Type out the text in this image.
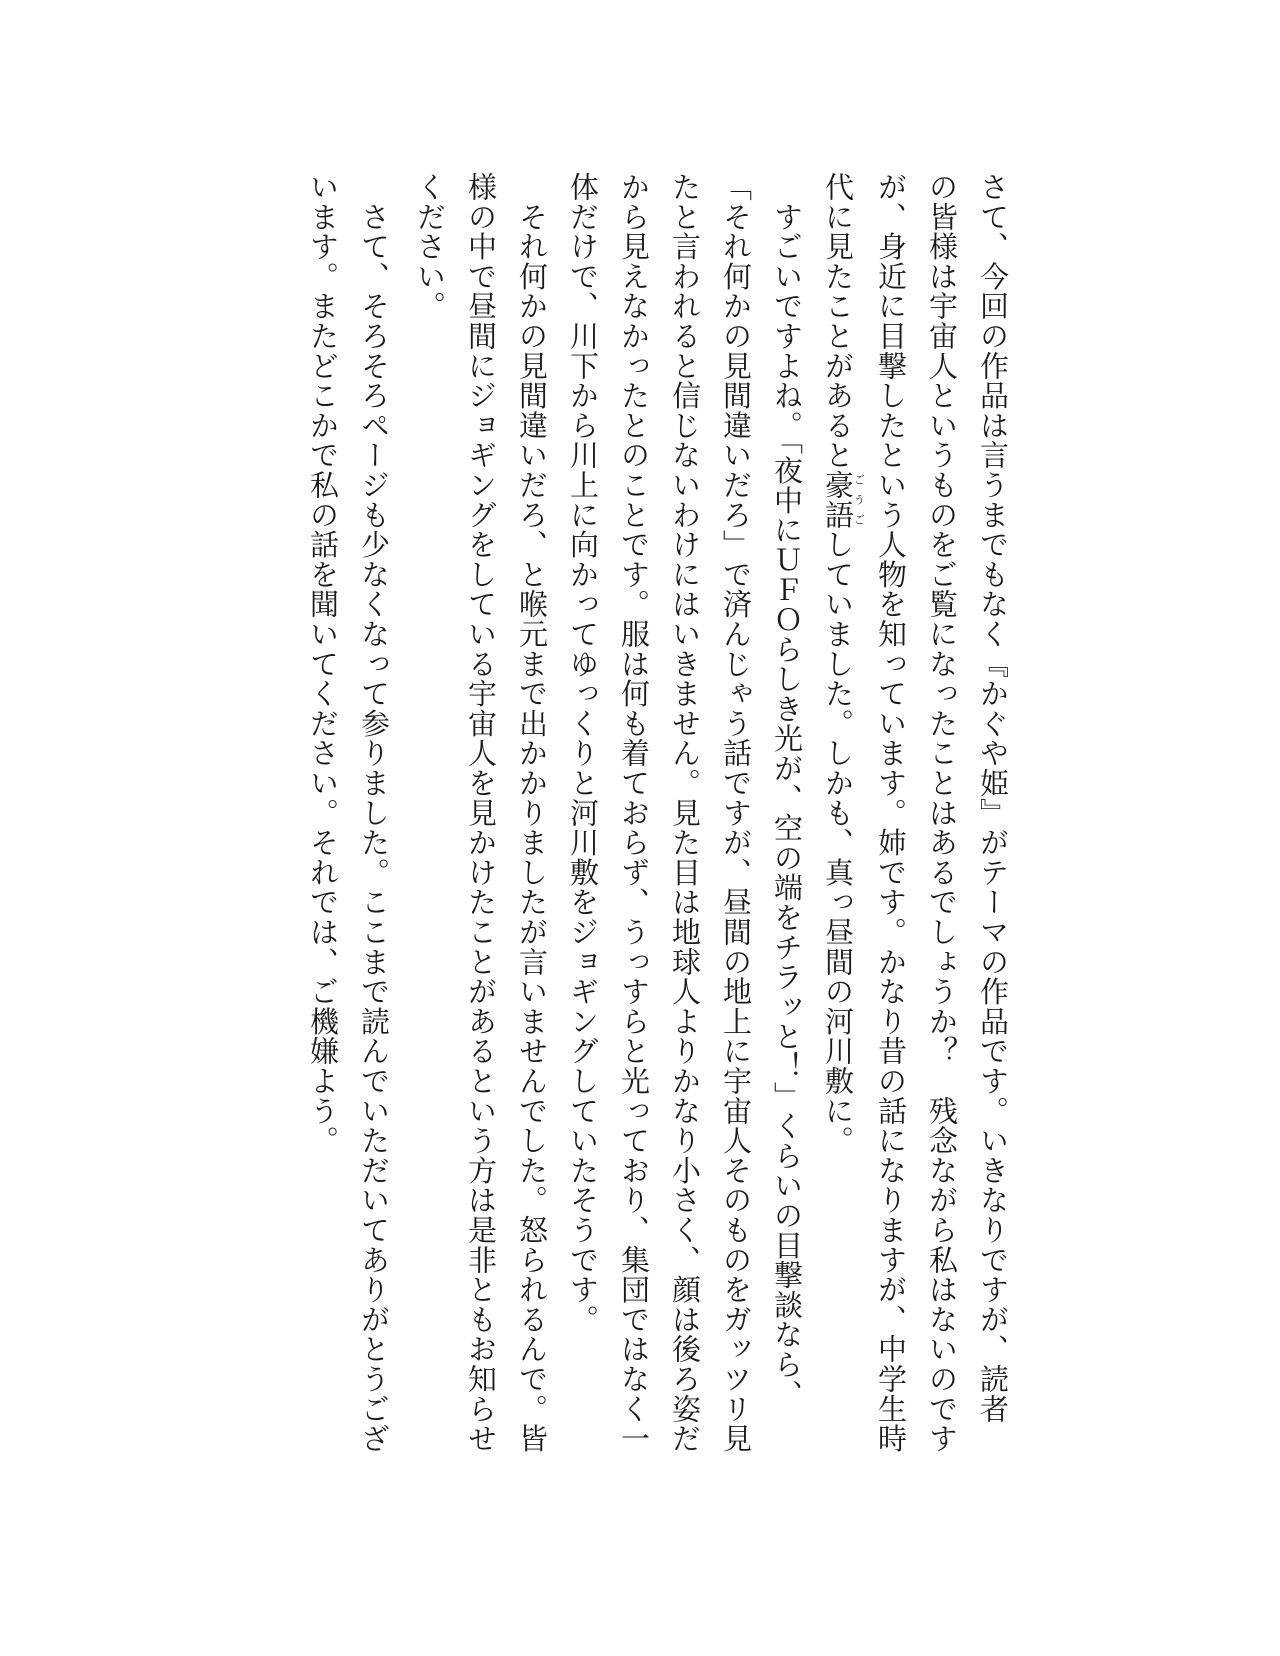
さて、今回の作品は言うまでもなく『かぐや姫』がテーマの作品です。いきなりですが、読者
の皆様は宇宙人というものをご覧になったことはあるでしょうか？　残念ながら私はないのです
が、身近に目撃したという人物を知っています。姉です。かなり昔の話になりますが、中学生時
代に見たことがあると豪語ごうごしていました。しかも、真っ昼間の河川敷に。
　すごいですよね。「夜中にＵＦＯらしき光が、空の端をチラッと！」くらいの目撃談なら、
「それ何かの見間違いだろ」で済んじゃう話ですが、昼間の地上に宇宙人そのものをガッツリ見
たと言われると信じないわけにはいきません。見た目は地球人よりかなり小さく、顔は後ろ姿だ
から見えなかったとのことです。服は何も着ておらず、うっすらと光っており、集団ではなく一
体だけで、川下から川上に向かってゆっくりと河川敷をジョギングしていたそうです。
　それ何かの見間違いだろ、と喉元まで出かかりましたが言いませんでした。怒られるんで。皆
様の中で昼間にジョギングをしている宇宙人を見かけたことがあるという方は是非ともお知らせ
ください。
　さて、そろそろページも少なくなって参りました。ここまで読んでいただいてありがとうござ
います。またどこかで私の話を聞いてください。それでは、ご機嫌よう。
